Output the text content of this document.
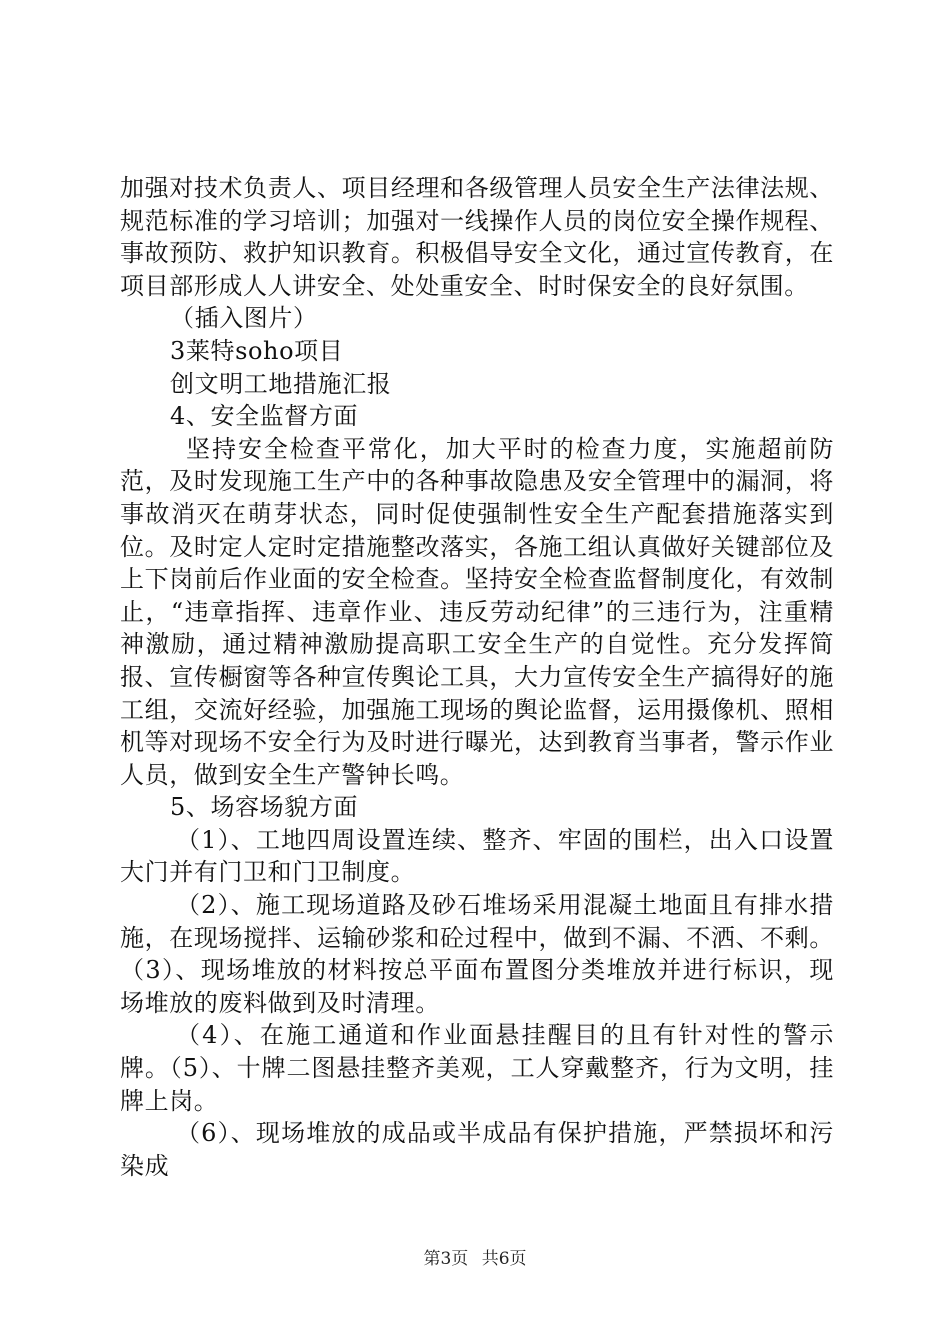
加强对技术负责人、项目经理和各级管理人员安全生产法律法规、规范标准的学习培训；加强对一线操作人员的岗位安全操作规程、事故预防、救护知识教育。积极倡导安全文化，通过宣传教育，在项目部形成人人讲安全、处处重安全、时时保安全的良好氛围。

（插入图片）

3莱特soho项目

创文明工地措施汇报

4、安全监督方面

坚持安全检查平常化，加大平时的检查力度，实施超前防范，及时发现施工生产中的各种事故隐患及安全管理中的漏洞，将事故消灭在萌芽状态，同时促使强制性安全生产配套措施落实到位。及时定人定时定措施整改落实，各施工组认真做好关键部位及上下岗前后作业面的安全检查。坚持安全检查监督制度化，有效制止，“违章指挥、违章作业、违反劳动纪律”的三违行为，注重精神激励，通过精神激励提高职工安全生产的自觉性。充分发挥简报、宣传橱窗等各种宣传舆论工具，大力宣传安全生产搞得好的施工组，交流好经验，加强施工现场的舆论监督，运用摄像机、照相机等对现场不安全行为及时进行曝光，达到教育当事者，警示作业人员，做到安全生产警钟长鸣。

5、场容场貌方面

（1）、工地四周设置连续、整齐、牢固的围栏，出入口设置大门并有门卫和门卫制度。

（2）、施工现场道路及砂石堆场采用混凝土地面且有排水措施，在现场搅拌、运输砂浆和砼过程中，做到不漏、不洒、不剩。（3）、现场堆放的材料按总平面布置图分类堆放并进行标识，现场堆放的废料做到及时清理。

（4）、在施工通道和作业面悬挂醒目的且有针对性的警示牌。（5）、十牌二图悬挂整齐美观，工人穿戴整齐，行为文明，挂牌上岗。

（6）、现场堆放的成品或半成品有保护措施，严禁损坏和污染成

第3页 共6页
